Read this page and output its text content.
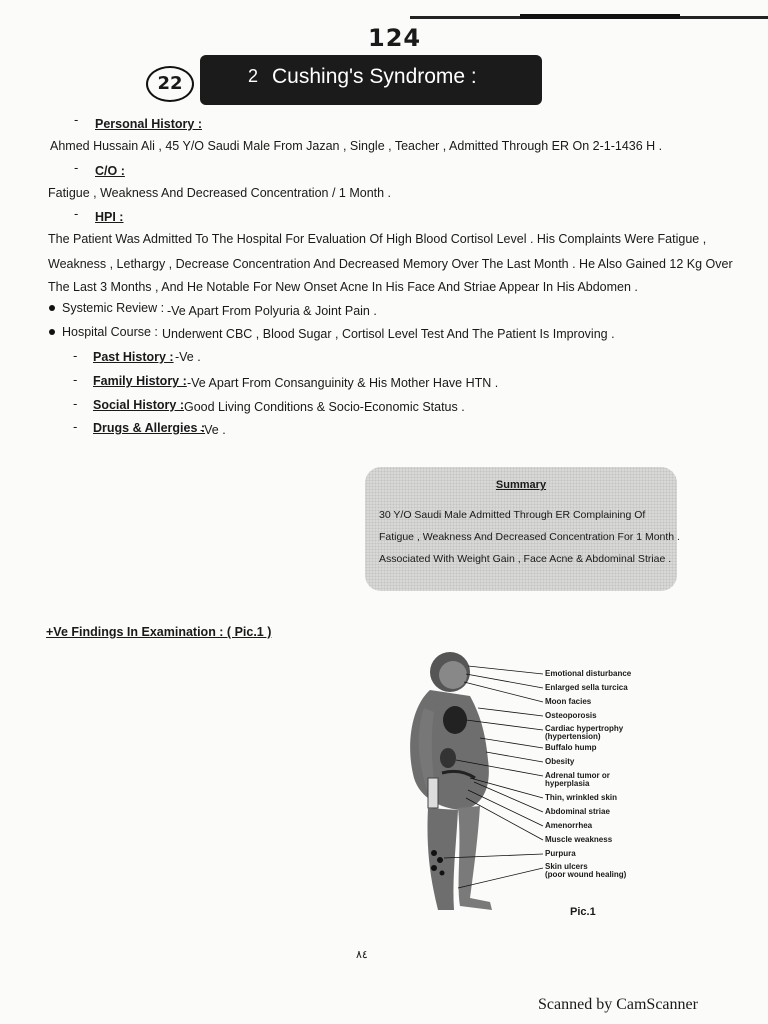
124
22	2 Cushing's Syndrome :
- Personal History :
Ahmed Hussain Ali , 45 Y/O Saudi Male From Jazan , Single , Teacher , Admitted Through ER On 2-1-1436 H .
- C/O :
Fatigue , Weakness And Decreased Concentration / 1 Month .
- HPI :
The Patient Was Admitted To The Hospital For Evaluation Of High Blood Cortisol Level . His Complaints Were Fatigue ,
Weakness , Lethargy , Decrease Concentration And Decreased Memory Over The Last Month . He Also Gained 12 Kg Over
The Last 3 Months , And He Notable For New Onset Acne In His Face And Striae Appear In His Abdomen .
Systemic Review : -Ve Apart From Polyuria & Joint Pain .
Hospital Course : Underwent CBC , Blood Sugar , Cortisol Level Test And The Patient Is Improving .
- Past History : -Ve .
- Family History : -Ve Apart From Consanguinity & His Mother Have HTN .
- Social History : Good Living Conditions & Socio-Economic Status .
- Drugs & Allergies :
-Ve .
Summary
30 Y/O Saudi Male Admitted Through ER Complaining Of
Fatigue , Weakness And Decreased Concentration For 1 Month .
Associated With Weight Gain , Face Acne & Abdominal Striae .
+Ve Findings In Examination : ( Pic.1 )
Emotional disturbance
Enlarged sella turcica
Moon facies
Osteoporosis
Cardiac hypertrophy
(hypertension)
Buffalo hump
Obesity
Adrenal tumor or
hyperplasia
Thin, wrinkled skin
Abdominal striae
Amenorrhea
Muscle weakness
Purpura
Skin ulcers
(poor wound healing)
Pic.1
٨٤
Scanned by CamScanner
